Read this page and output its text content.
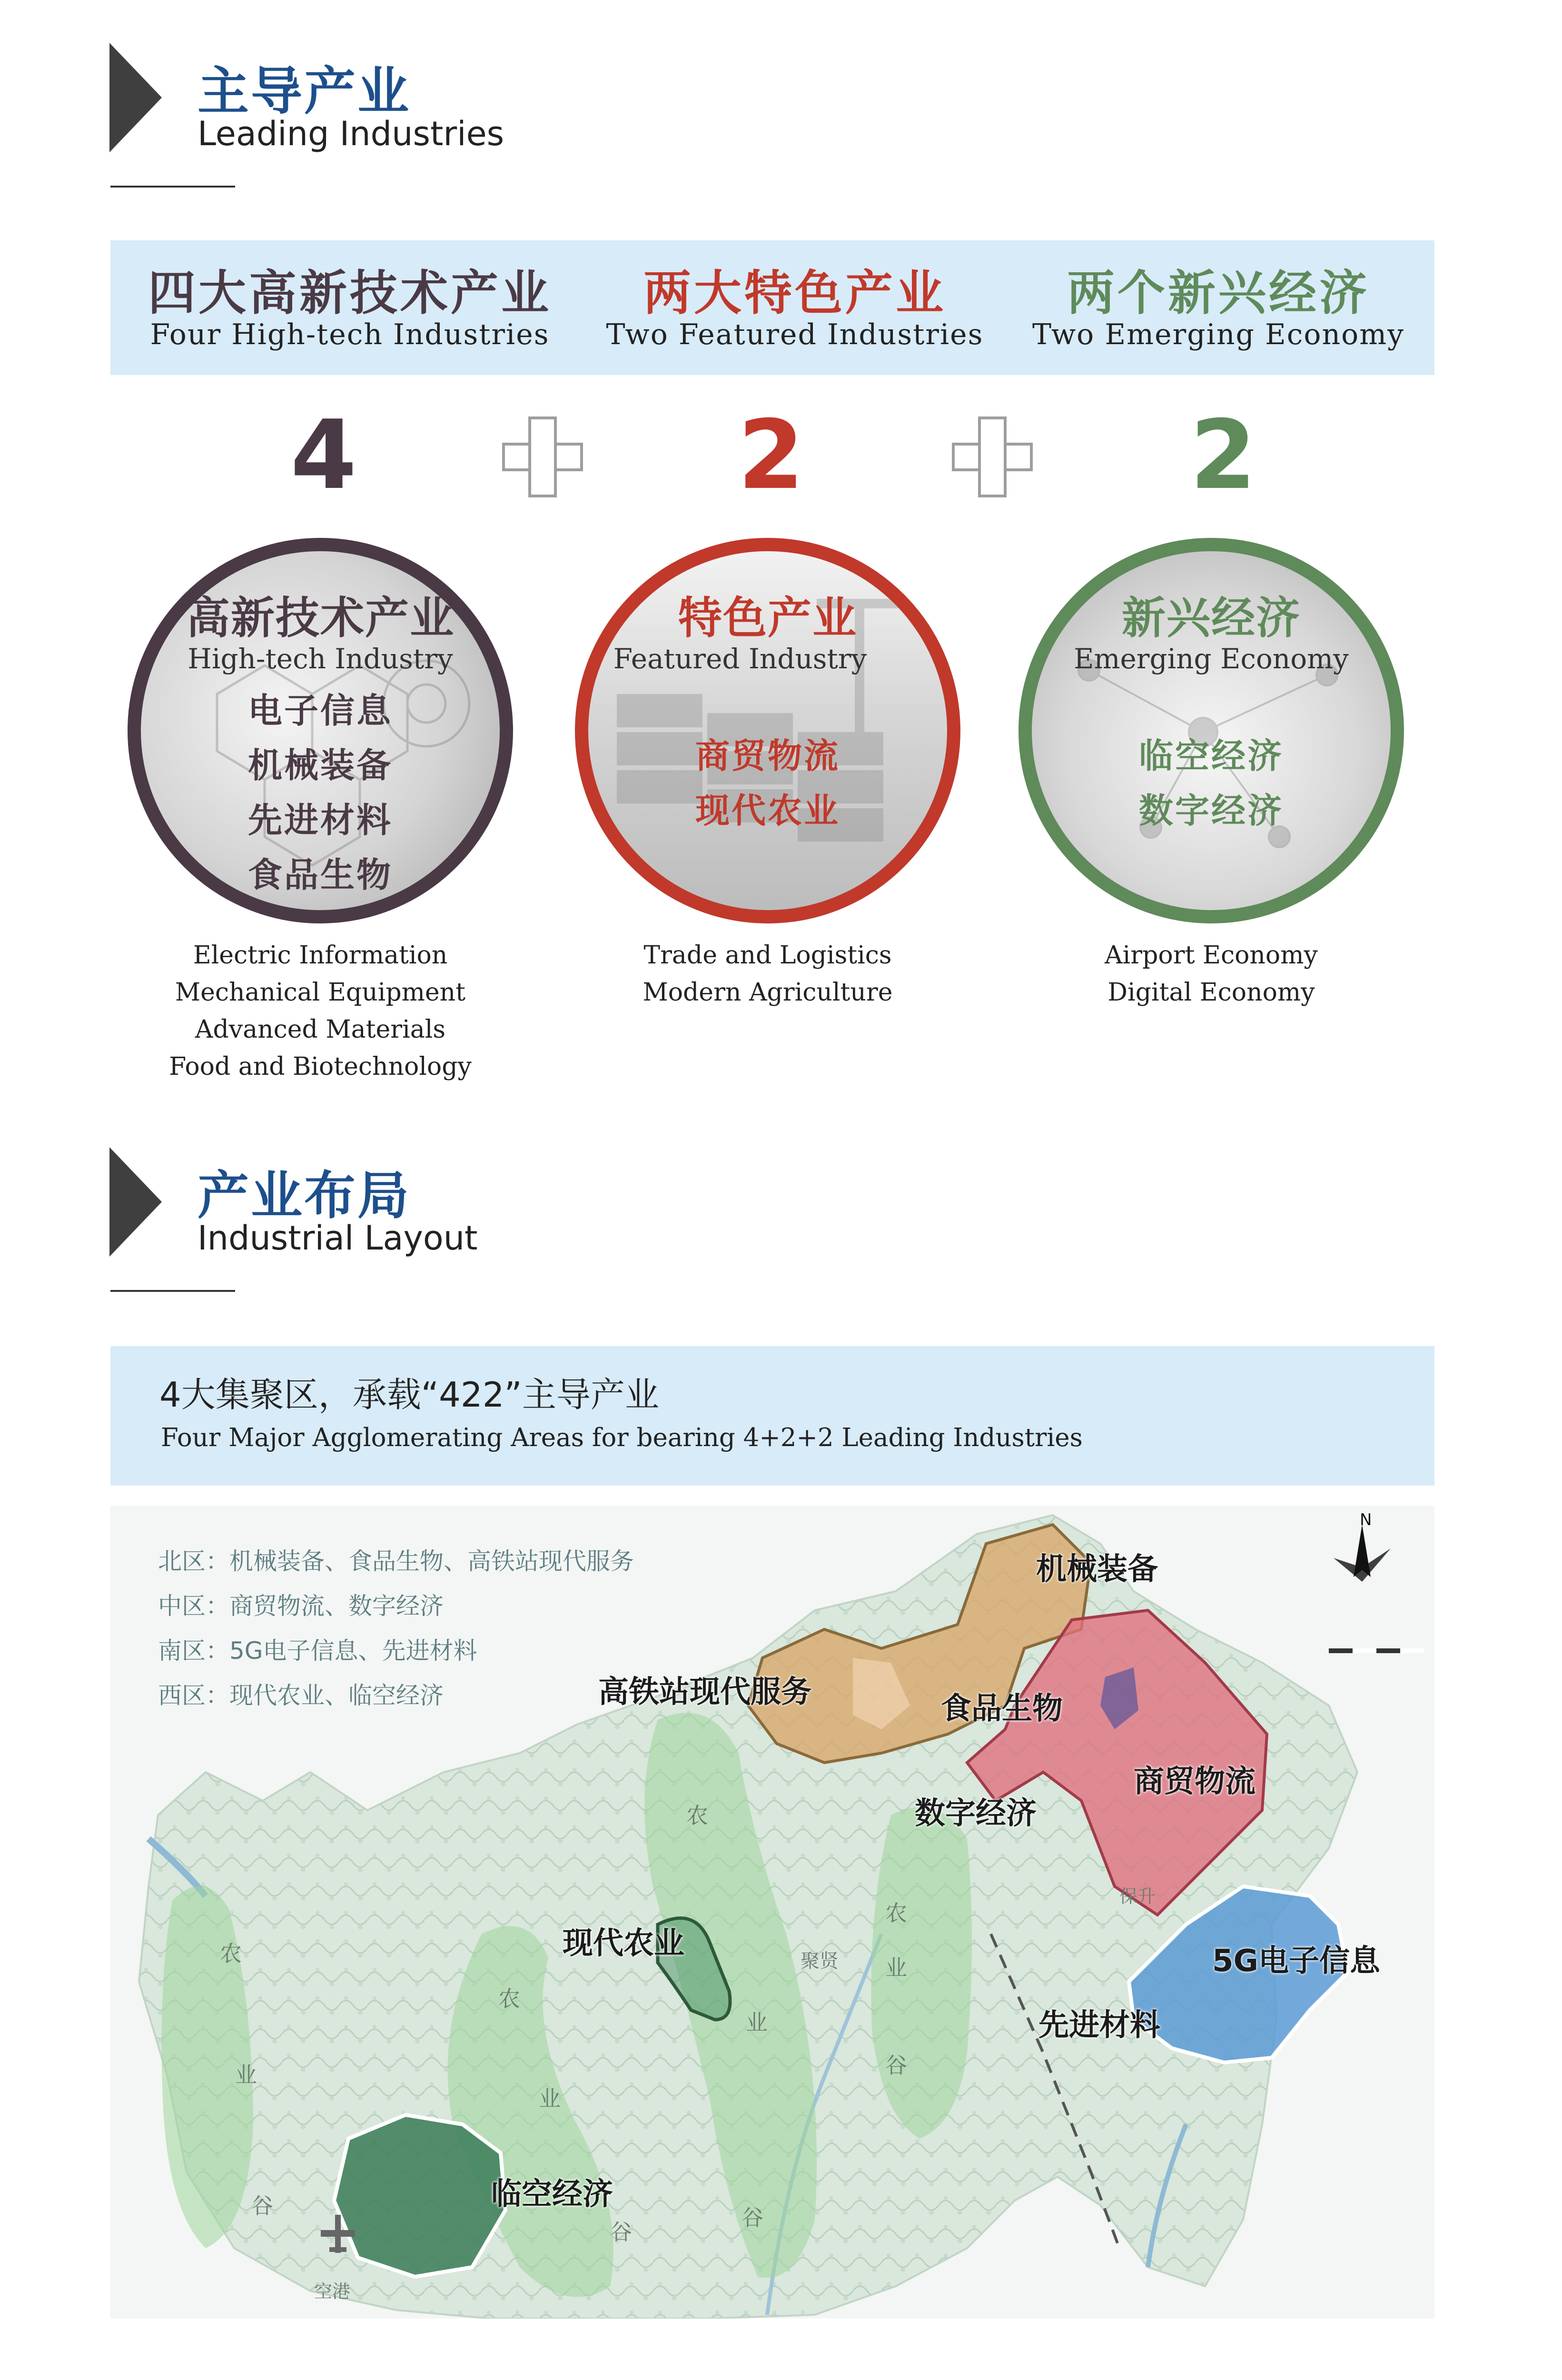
主导产业
Leading Industries
四大高新技术产业
Four High-tech Industries
两大特色产业
Two Featured Industries
两个新兴经济
Two Emerging Economy
4	2	2
高新技术产业
High-tech Industry
电子信息
机械装备
先进材料
食品生物
Electric Information
Mechanical Equipment
Advanced Materials
Food and Biotechnology
特色产业
Featured Industry
商贸物流
现代农业
Trade and Logistics
Modern Agriculture
新兴经济
Emerging Economy
临空经济
数字经济
Airport Economy
Digital Economy
产业布局
Industrial Layout
4大集聚区，承载“422”主导产业
Four Major Agglomerating Areas for bearing 4+2+2 Leading Industries
北区：机械装备、食品生物、高铁站现代服务
中区：商贸物流、数字经济
南区：5G电子信息、先进材料
西区：现代农业、临空经济
机械装备
高铁站现代服务	食品生物
商贸物流
数字经济
现代农业	5G电子信息
先进材料
临空经济
农
业
谷
农
业
谷
农
业
谷
农
业
谷
保升
聚贤
空港
N
